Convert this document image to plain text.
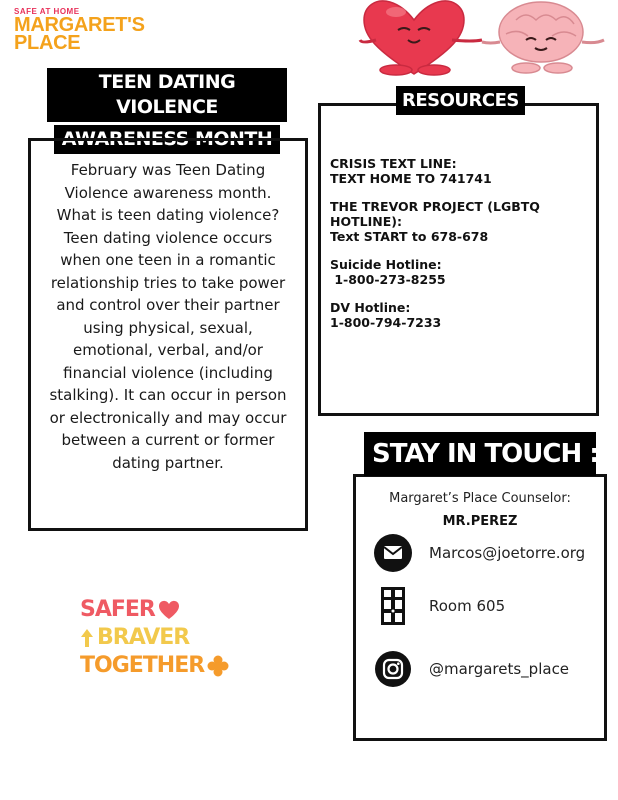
SAFE AT HOME
MARGARET'S
PLACE
TEEN DATING VIOLENCE
AWARENESS MONTH

February was Teen Dating Violence awareness month. What is teen dating violence? Teen dating violence occurs when one teen in a romantic relationship tries to take power and control over their partner using physical, sexual, emotional, verbal, and/or financial violence (including stalking). It can occur in person or electronically and may occur between a current or former dating partner.

CRISIS TEXT LINE:
TEXT HOME TO 741741
THE TREVOR PROJECT (LGBTQ HOTLINE):
Text START to 678-678
Suicide Hotline:
1-800-273-8255
DV Hotline:
1-800-794-7233
RESOURCES
Margaret’s Place Counselor:
MR.PEREZ
Marcos@joetorre.org
Room 605
@margarets_place
STAY IN TOUCH :
SAFER
BRAVER
TOGETHER
